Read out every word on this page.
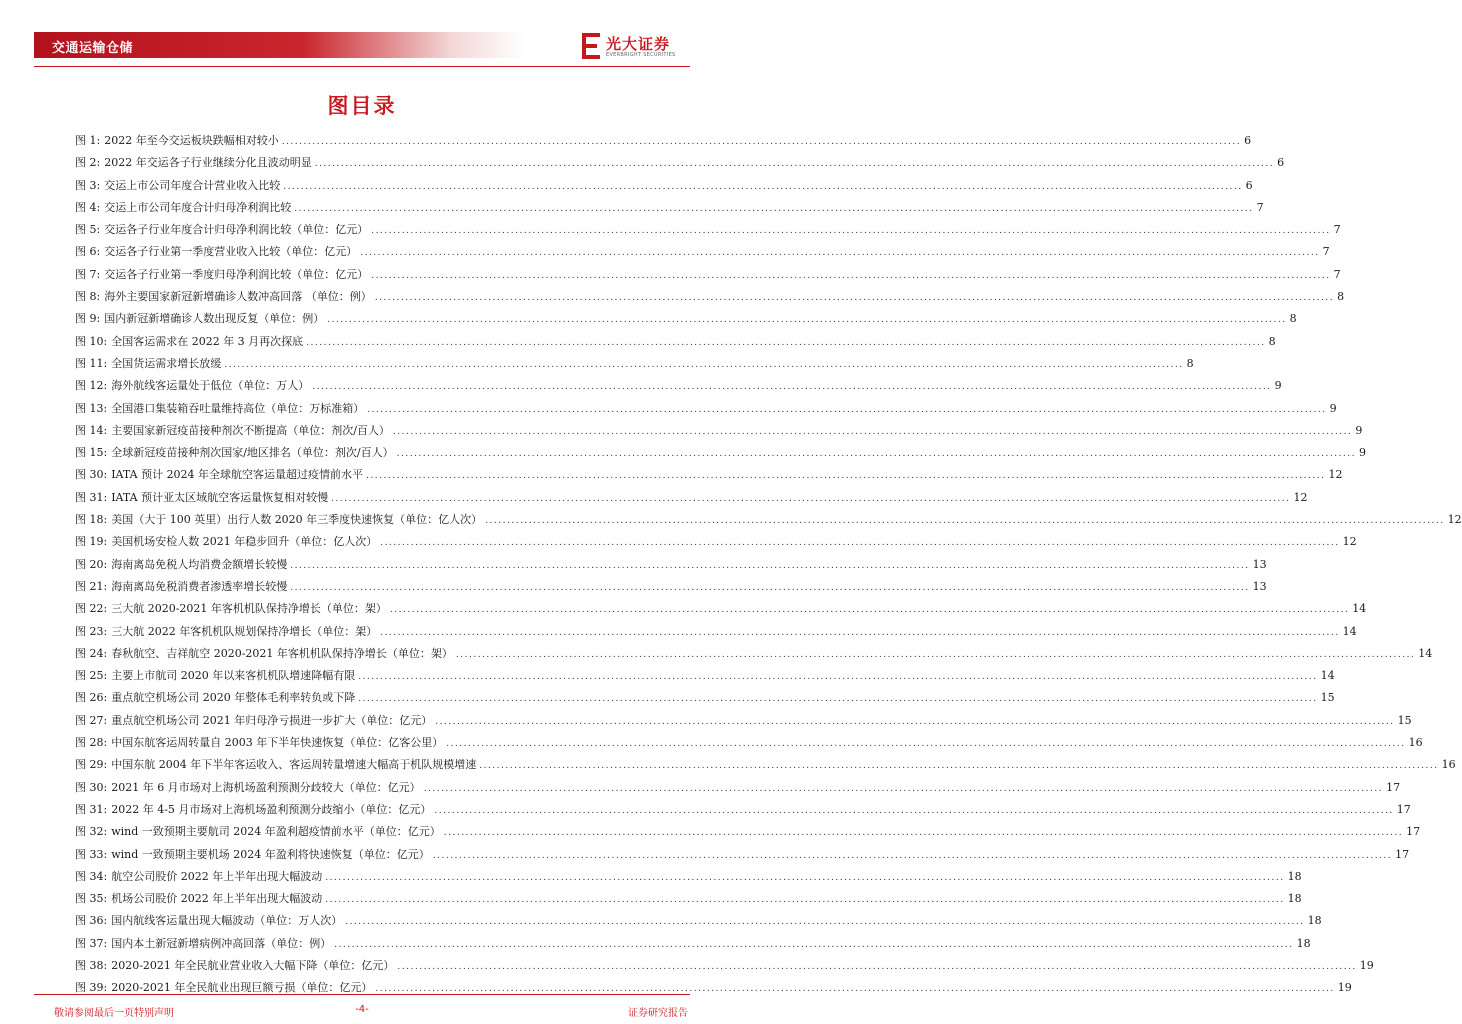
交通运输仓储	光大证券
EVERBRIGHT SECURITIES
图目录
图 1: 2022 年至今交运板块跌幅相对较小 ............................................................................................................................................................................................................................ 6
图 2: 2022 年交运各子行业继续分化且波动明显 ............................................................................................................................................................................................................................ 6
图 3: 交运上市公司年度合计营业收入比较 ............................................................................................................................................................................................................................ 6
图 4: 交运上市公司年度合计归母净利润比较 ............................................................................................................................................................................................................................ 7
图 5: 交运各子行业年度合计归母净利润比较（单位：亿元） ............................................................................................................................................................................................................................ 7
图 6: 交运各子行业第一季度营业收入比较（单位：亿元） ............................................................................................................................................................................................................................ 7
图 7: 交运各子行业第一季度归母净利润比较（单位：亿元） ............................................................................................................................................................................................................................ 7
图 8: 海外主要国家新冠新增确诊人数冲高回落 （单位：例） ............................................................................................................................................................................................................................ 8
图 9: 国内新冠新增确诊人数出现反复（单位：例） ............................................................................................................................................................................................................................ 8
图 10: 全国客运需求在 2022 年 3 月再次探底 ............................................................................................................................................................................................................................ 8
图 11: 全国货运需求增长放缓 ............................................................................................................................................................................................................................ 8
图 12: 海外航线客运量处于低位（单位：万人） ............................................................................................................................................................................................................................ 9
图 13: 全国港口集装箱吞吐量维持高位（单位：万标准箱） ............................................................................................................................................................................................................................ 9
图 14: 主要国家新冠疫苗接种剂次不断提高（单位：剂次/百人） ............................................................................................................................................................................................................................ 9
图 15: 全球新冠疫苗接种剂次国家/地区排名（单位：剂次/百人） ............................................................................................................................................................................................................................ 9
图 30: IATA 预计 2024 年全球航空客运量超过疫情前水平 ............................................................................................................................................................................................................................ 12
图 31: IATA 预计亚太区域航空客运量恢复相对较慢 ............................................................................................................................................................................................................................ 12
图 18: 美国（大于 100 英里）出行人数 2020 年三季度快速恢复（单位：亿人次） ............................................................................................................................................................................................................................ 12
图 19: 美国机场安检人数 2021 年稳步回升（单位：亿人次） ............................................................................................................................................................................................................................ 12
图 20: 海南离岛免税人均消费金额增长较慢 ............................................................................................................................................................................................................................ 13
图 21: 海南离岛免税消费者渗透率增长较慢 ............................................................................................................................................................................................................................ 13
图 22: 三大航 2020-2021 年客机机队保持净增长（单位：架） ............................................................................................................................................................................................................................ 14
图 23: 三大航 2022 年客机机队规划保持净增长（单位：架） ............................................................................................................................................................................................................................ 14
图 24: 春秋航空、吉祥航空 2020-2021 年客机机队保持净增长（单位：架） ............................................................................................................................................................................................................................ 14
图 25: 主要上市航司 2020 年以来客机机队增速降幅有限 ............................................................................................................................................................................................................................ 14
图 26: 重点航空机场公司 2020 年整体毛利率转负或下降 ............................................................................................................................................................................................................................ 15
图 27: 重点航空机场公司 2021 年归母净亏损进一步扩大（单位：亿元） ............................................................................................................................................................................................................................ 15
图 28: 中国东航客运周转量自 2003 年下半年快速恢复（单位：亿客公里） ............................................................................................................................................................................................................................ 16
图 29: 中国东航 2004 年下半年客运收入、客运周转量增速大幅高于机队规模增速 ............................................................................................................................................................................................................................ 16
图 30: 2021 年 6 月市场对上海机场盈利预测分歧较大（单位：亿元） ............................................................................................................................................................................................................................ 17
图 31: 2022 年 4-5 月市场对上海机场盈利预测分歧缩小（单位：亿元） ............................................................................................................................................................................................................................ 17
图 32: wind 一致预期主要航司 2024 年盈利超疫情前水平（单位：亿元） ............................................................................................................................................................................................................................ 17
图 33: wind 一致预期主要机场 2024 年盈利将快速恢复（单位：亿元） ............................................................................................................................................................................................................................ 17
图 34: 航空公司股价 2022 年上半年出现大幅波动 ............................................................................................................................................................................................................................ 18
图 35: 机场公司股价 2022 年上半年出现大幅波动 ............................................................................................................................................................................................................................ 18
图 36: 国内航线客运量出现大幅波动（单位：万人次） ............................................................................................................................................................................................................................ 18
图 37: 国内本土新冠新增病例冲高回落（单位：例） ............................................................................................................................................................................................................................ 18
图 38: 2020-2021 年全民航业营业收入大幅下降（单位：亿元） ............................................................................................................................................................................................................................ 19
图 39: 2020-2021 年全民航业出现巨额亏损（单位：亿元） ............................................................................................................................................................................................................................ 19
敬请参阅最后一页特别声明	-4-	证券研究报告
